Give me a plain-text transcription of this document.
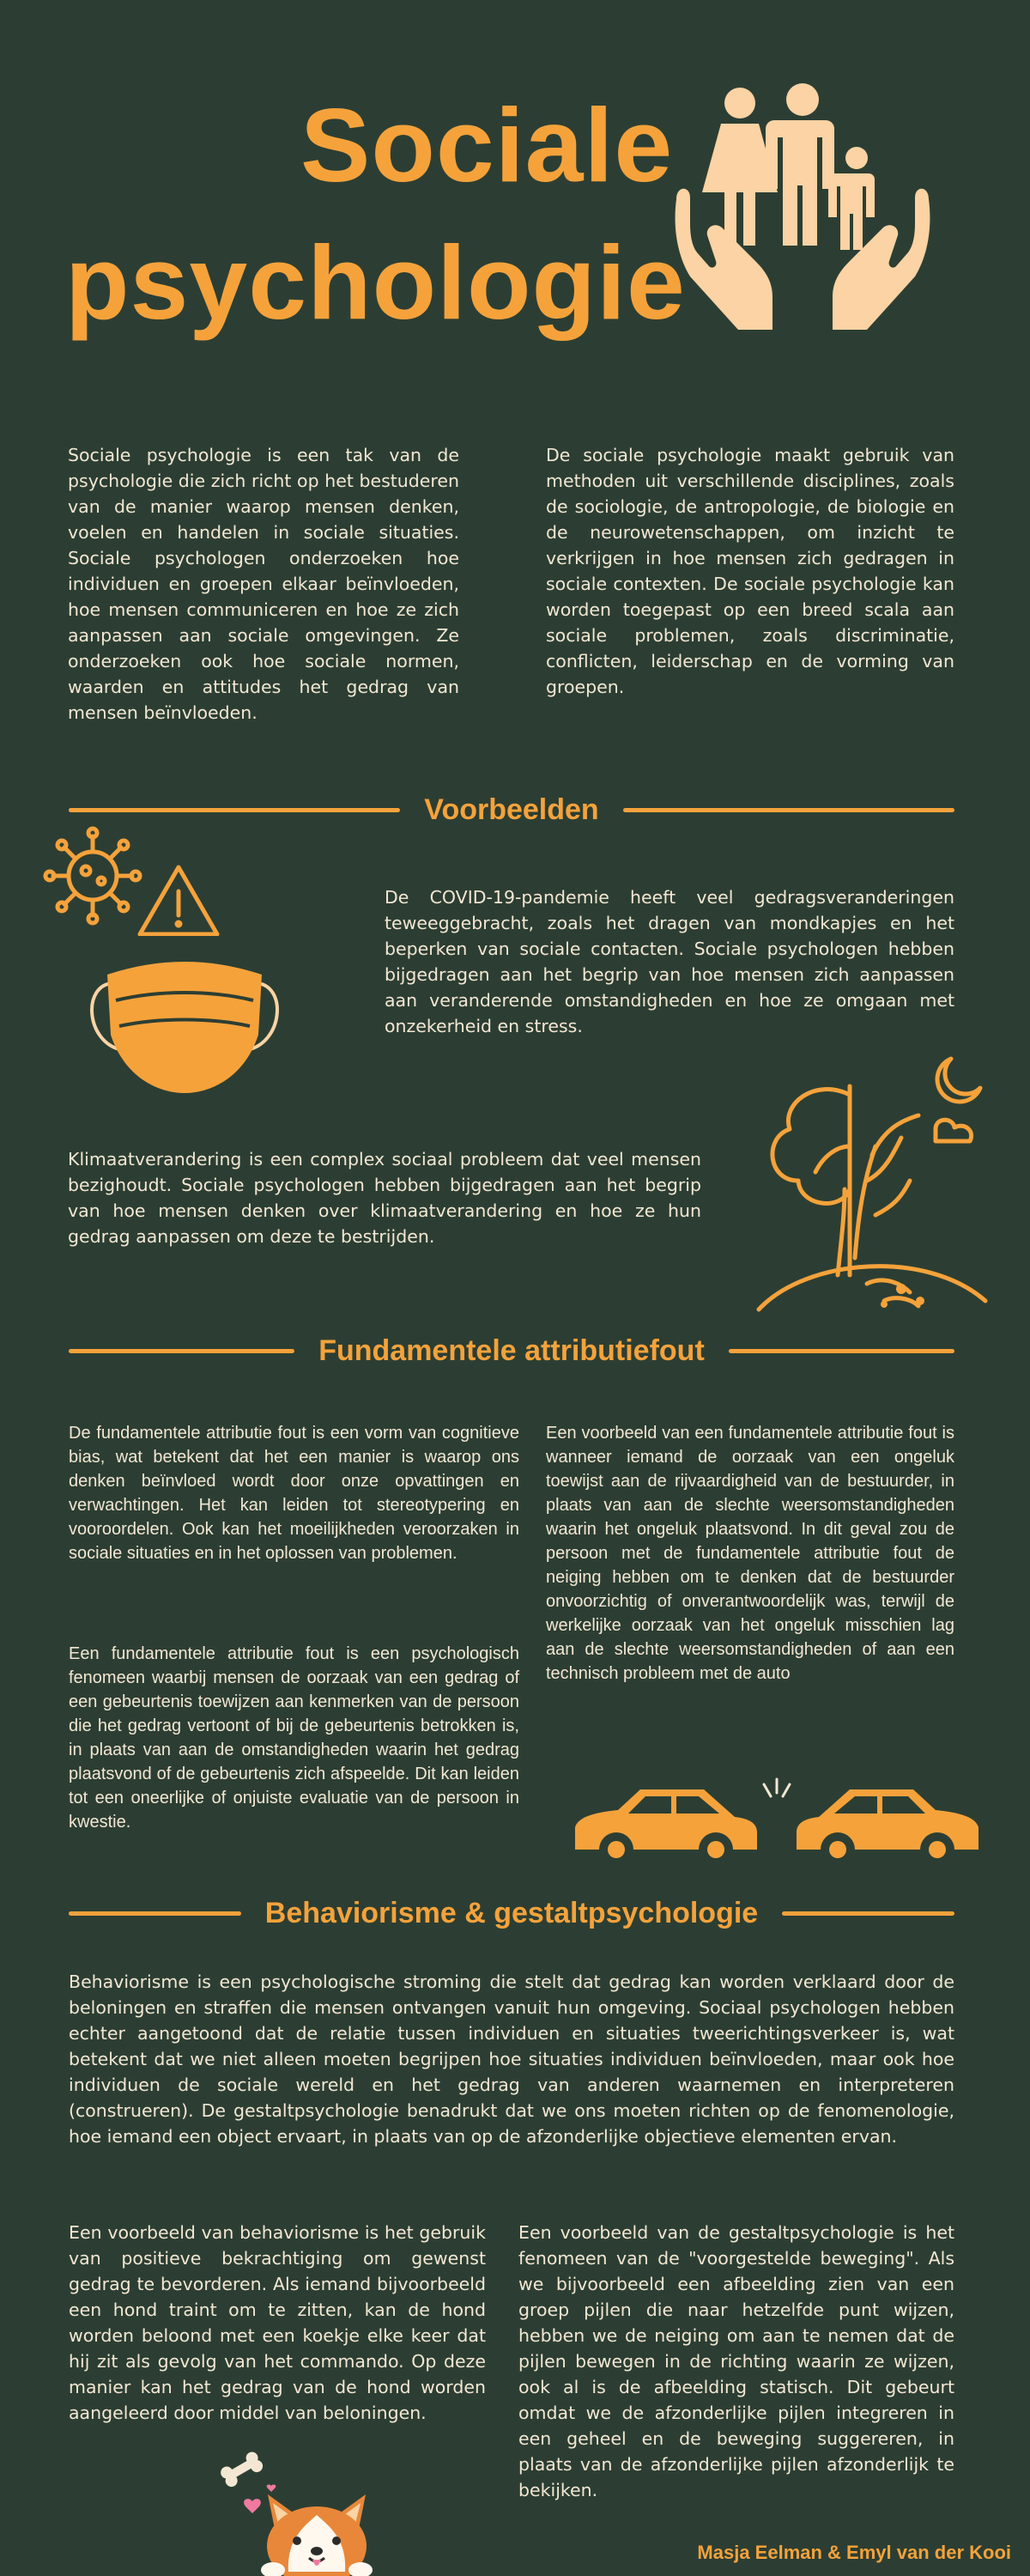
Sociale
psychologie

Sociale psychologie is een tak van de psychologie die zich richt op het bestuderen van de manier waarop mensen denken, voelen en handelen in sociale situaties. Sociale psychologen onderzoeken hoe individuen en groepen elkaar beïnvloeden, hoe mensen communiceren en hoe ze zich aanpassen aan sociale omgevingen. Ze onderzoeken ook hoe sociale normen, waarden en attitudes het gedrag van mensen beïnvloeden.

De sociale psychologie maakt gebruik van methoden uit verschillende disciplines, zoals de sociologie, de antropologie, de biologie en de neurowetenschappen, om inzicht te verkrijgen in hoe mensen zich gedragen in sociale contexten. De sociale psychologie kan worden toegepast op een breed scala aan sociale problemen, zoals discriminatie, conflicten, leiderschap en de vorming van groepen.

Voorbeelden

De COVID-19-pandemie heeft veel gedragsveranderingen teweeggebracht, zoals het dragen van mondkapjes en het beperken van sociale contacten. Sociale psychologen hebben bijgedragen aan het begrip van hoe mensen zich aanpassen aan veranderende omstandigheden en hoe ze omgaan met onzekerheid en stress.

Klimaatverandering is een complex sociaal probleem dat veel mensen bezighoudt. Sociale psychologen hebben bijgedragen aan het begrip van hoe mensen denken over klimaatverandering en hoe ze hun gedrag aanpassen om deze te bestrijden.

Fundamentele attributiefout

De fundamentele attributie fout is een vorm van cognitieve bias, wat betekent dat het een manier is waarop ons denken beïnvloed wordt door onze opvattingen en verwachtingen. Het kan leiden tot stereotypering en vooroordelen. Ook kan het moeilijkheden veroorzaken in sociale situaties en in het oplossen van problemen.

Een fundamentele attributie fout is een psychologisch fenomeen waarbij mensen de oorzaak van een gedrag of een gebeurtenis toewijzen aan kenmerken van de persoon die het gedrag vertoont of bij de gebeurtenis betrokken is, in plaats van aan de omstandigheden waarin het gedrag plaatsvond of de gebeurtenis zich afspeelde. Dit kan leiden tot een oneerlijke of onjuiste evaluatie van de persoon in kwestie.

Een voorbeeld van een fundamentele attributie fout is wanneer iemand de oorzaak van een ongeluk toewijst aan de rijvaardigheid van de bestuurder, in plaats van aan de slechte weersomstandigheden waarin het ongeluk plaatsvond. In dit geval zou de persoon met de fundamentele attributie fout de neiging hebben om te denken dat de bestuurder onvoorzichtig of onverantwoordelijk was, terwijl de werkelijke oorzaak van het ongeluk misschien lag aan de slechte weersomstandigheden of aan een technisch probleem met de auto

Behaviorisme & gestaltpsychologie

Behaviorisme is een psychologische stroming die stelt dat gedrag kan worden verklaard door de beloningen en straffen die mensen ontvangen vanuit hun omgeving. Sociaal psychologen hebben echter aangetoond dat de relatie tussen individuen en situaties tweerichtingsverkeer is, wat betekent dat we niet alleen moeten begrijpen hoe situaties individuen beïnvloeden, maar ook hoe individuen de sociale wereld en het gedrag van anderen waarnemen en interpreteren (construeren). De gestaltpsychologie benadrukt dat we ons moeten richten op de fenomenologie, hoe iemand een object ervaart, in plaats van op de afzonderlijke objectieve elementen ervan.

Een voorbeeld van behaviorisme is het gebruik van positieve bekrachtiging om gewenst gedrag te bevorderen. Als iemand bijvoorbeeld een hond traint om te zitten, kan de hond worden beloond met een koekje elke keer dat hij zit als gevolg van het commando. Op deze manier kan het gedrag van de hond worden aangeleerd door middel van beloningen.

Een voorbeeld van de gestaltpsychologie is het fenomeen van de "voorgestelde beweging". Als we bijvoorbeeld een afbeelding zien van een groep pijlen die naar hetzelfde punt wijzen, hebben we de neiging om aan te nemen dat de pijlen bewegen in de richting waarin ze wijzen, ook al is de afbeelding statisch. Dit gebeurt omdat we de afzonderlijke pijlen integreren in een geheel en de beweging suggereren, in plaats van de afzonderlijke pijlen afzonderlijk te bekijken.

Masja Eelman & Emyl van der Kooi
